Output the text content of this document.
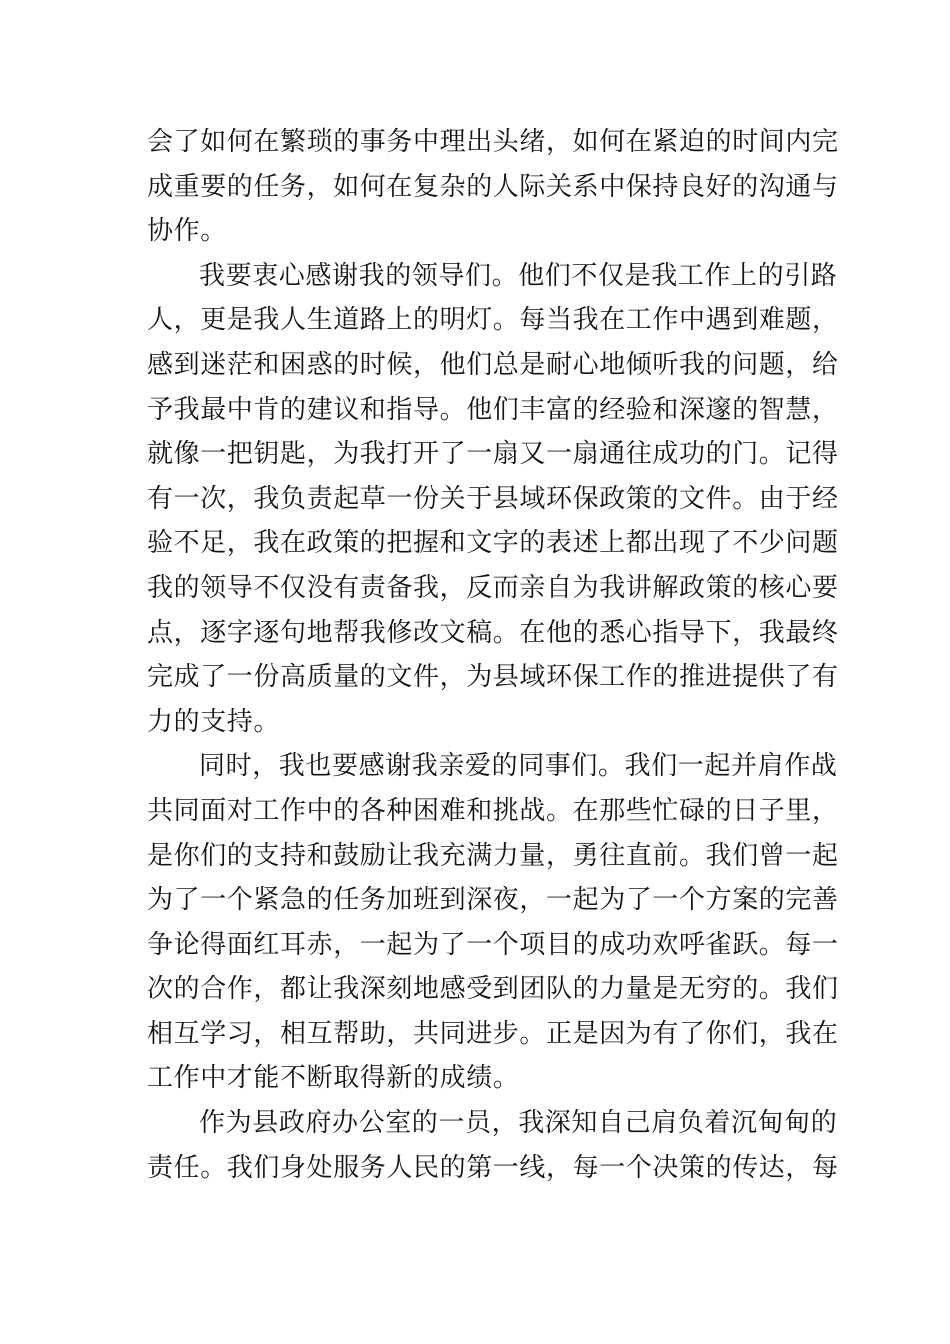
会了如何在繁琐的事务中理出头绪，如何在紧迫的时间内完
成重要的任务，如何在复杂的人际关系中保持良好的沟通与
协作。
我要衷心感谢我的领导们。他们不仅是我工作上的引路
人，更是我人生道路上的明灯。每当我在工作中遇到难题，
感到迷茫和困惑的时候，他们总是耐心地倾听我的问题，给
予我最中肯的建议和指导。他们丰富的经验和深邃的智慧，
就像一把钥匙，为我打开了一扇又一扇通往成功的门。记得
有一次，我负责起草一份关于县域环保政策的文件。由于经
验不足，我在政策的把握和文字的表述上都出现了不少问题
我的领导不仅没有责备我，反而亲自为我讲解政策的核心要
点，逐字逐句地帮我修改文稿。在他的悉心指导下，我最终
完成了一份高质量的文件，为县域环保工作的推进提供了有
力的支持。
同时，我也要感谢我亲爱的同事们。我们一起并肩作战
共同面对工作中的各种困难和挑战。在那些忙碌的日子里，
是你们的支持和鼓励让我充满力量，勇往直前。我们曾一起
为了一个紧急的任务加班到深夜，一起为了一个方案的完善
争论得面红耳赤，一起为了一个项目的成功欢呼雀跃。每一
次的合作，都让我深刻地感受到团队的力量是无穷的。我们
相互学习，相互帮助，共同进步。正是因为有了你们，我在
工作中才能不断取得新的成绩。
作为县政府办公室的一员，我深知自己肩负着沉甸甸的
责任。我们身处服务人民的第一线，每一个决策的传达，每
